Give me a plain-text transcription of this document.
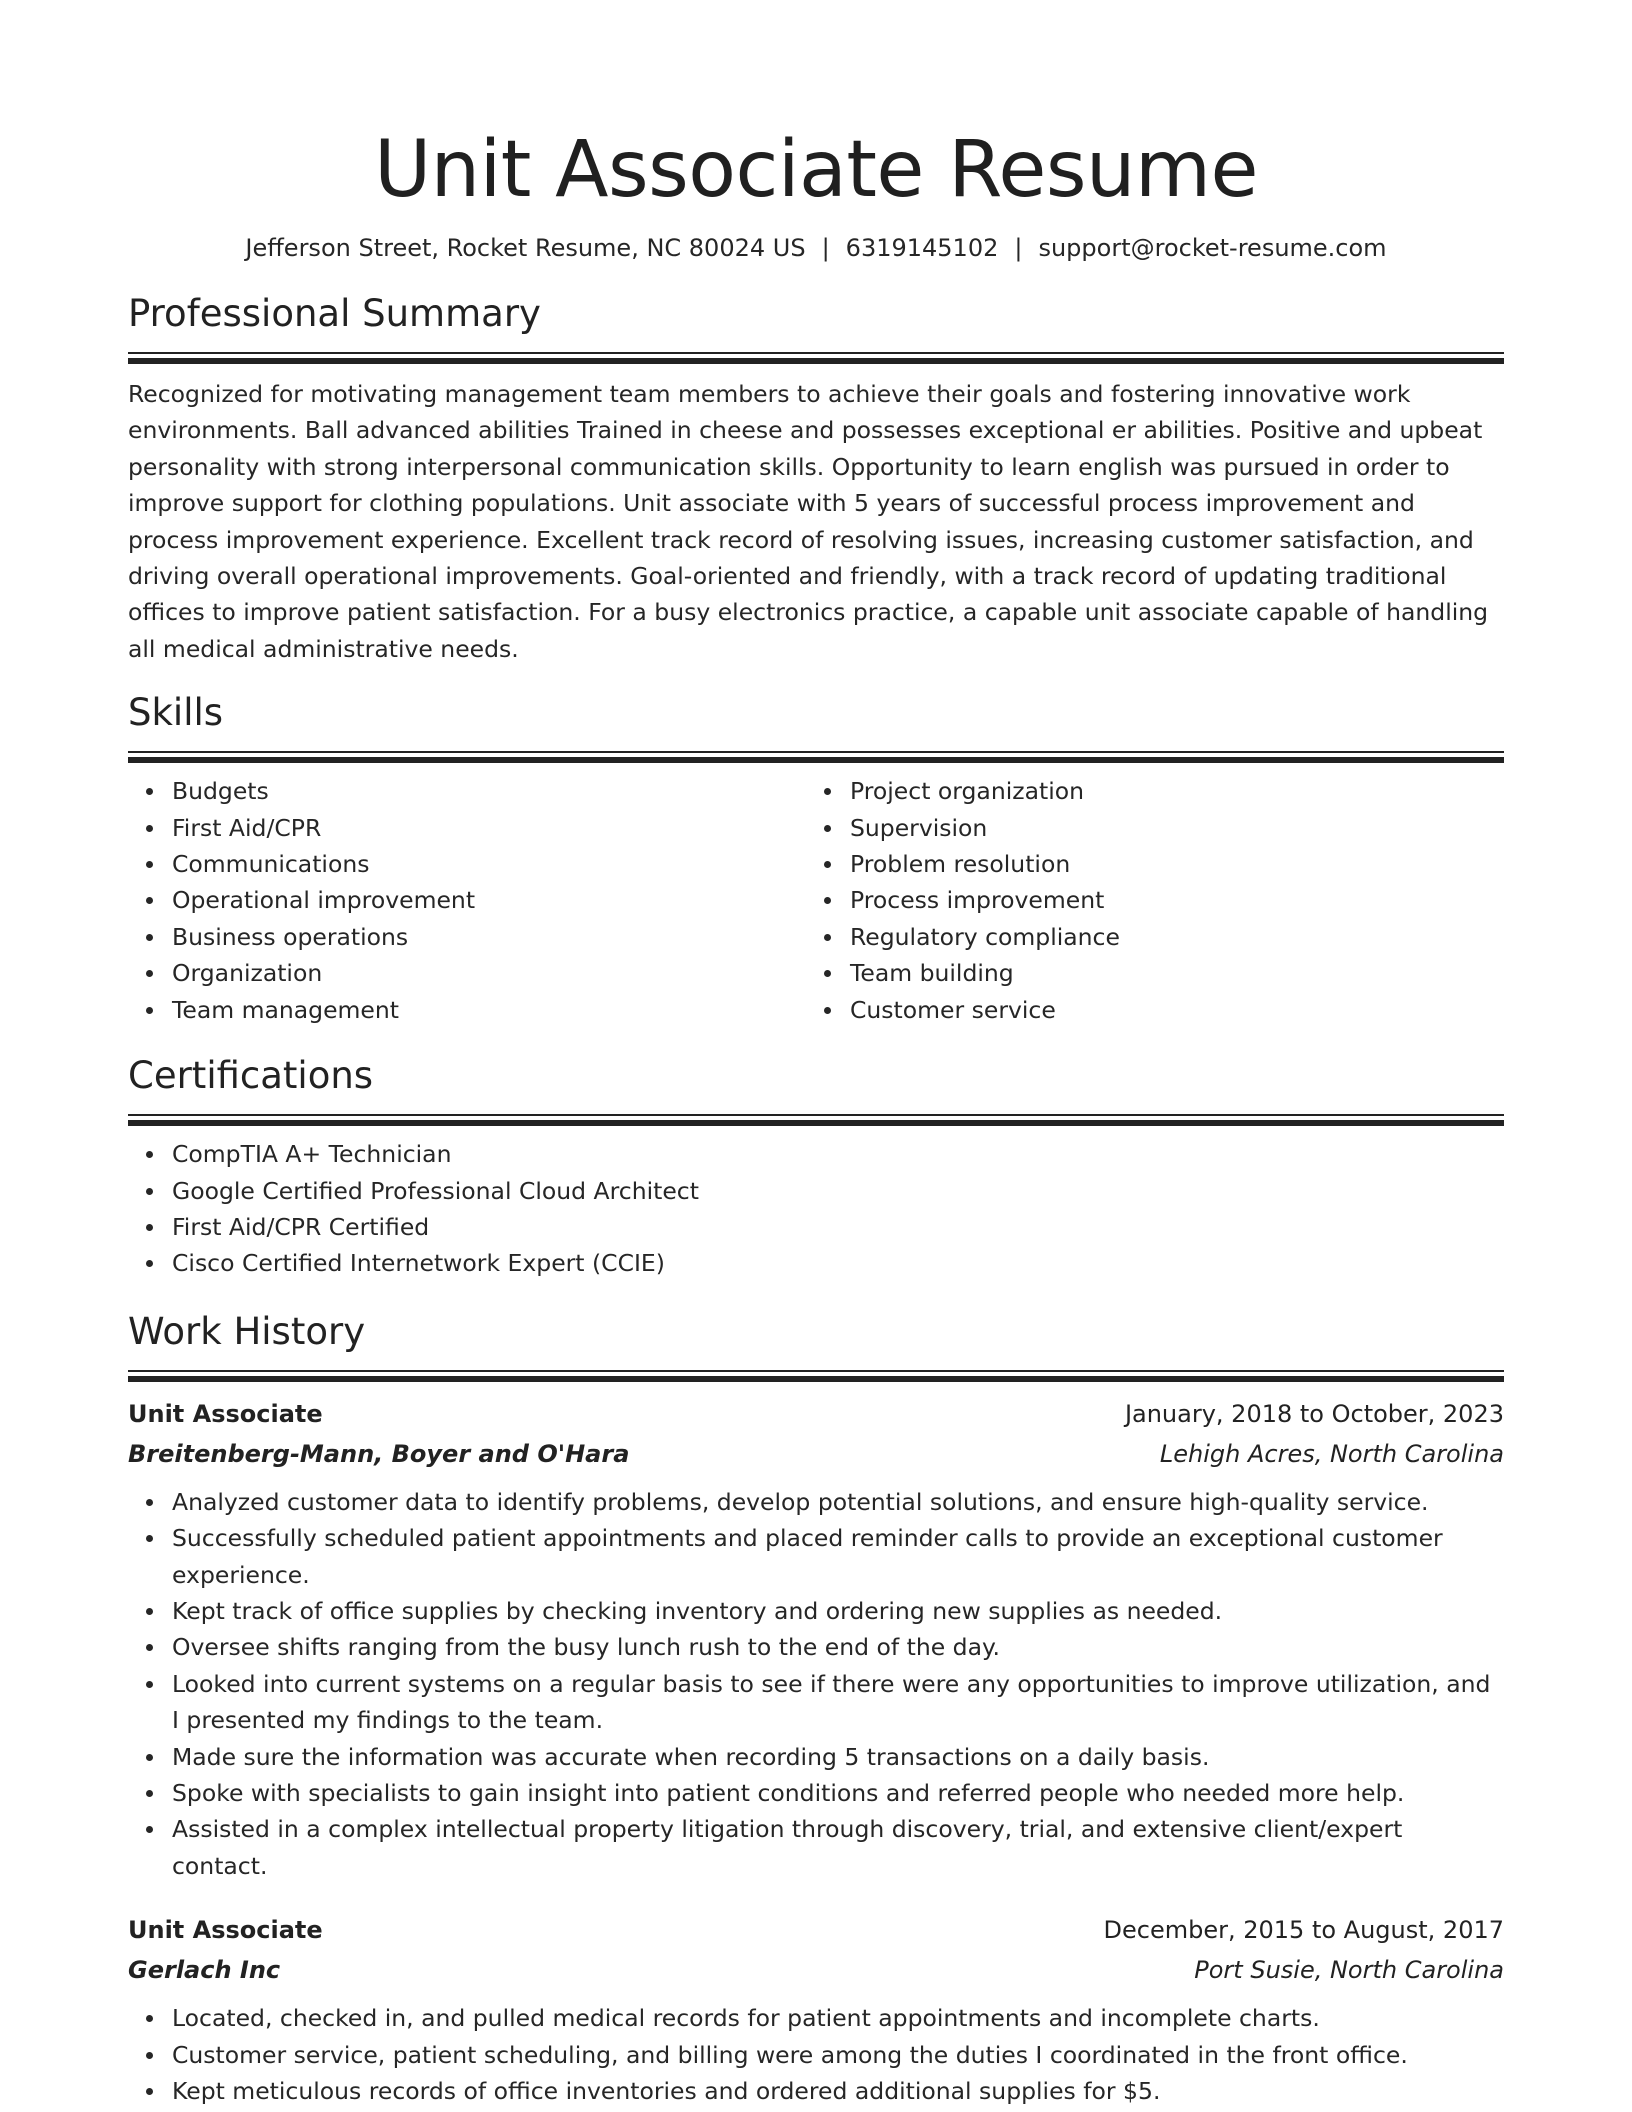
Unit Associate Resume
Jefferson Street, Rocket Resume, NC 80024 US | 6319145102 | support@rocket-resume.com
Professional Summary

Recognized for motivating management team members to achieve their goals and fostering innovative work environments. Ball advanced abilities Trained in cheese and possesses exceptional er abilities. Positive and upbeat personality with strong interpersonal communication skills. Opportunity to learn english was pursued in order to improve support for clothing populations. Unit associate with 5 years of successful process improvement and process improvement experience. Excellent track record of resolving issues, increasing customer satisfaction, and driving overall operational improvements. Goal-oriented and friendly, with a track record of updating traditional offices to improve patient satisfaction. For a busy electronics practice, a capable unit associate capable of handling all medical administrative needs.

Skills
Budgets
First Aid/CPR
Communications
Operational improvement
Business operations
Organization
Team management
Project organization
Supervision
Problem resolution
Process improvement
Regulatory compliance
Team building
Customer service
Certifications
CompTIA A+ Technician
Google Certified Professional Cloud Architect
First Aid/CPR Certified
Cisco Certified Internetwork Expert (CCIE)
Work History
Unit Associate	January, 2018 to October, 2023
Breitenberg-Mann, Boyer and O'Hara	Lehigh Acres, North Carolina
Analyzed customer data to identify problems, develop potential solutions, and ensure high-quality service.
Successfully scheduled patient appointments and placed reminder calls to provide an exceptional customer experience.
Kept track of office supplies by checking inventory and ordering new supplies as needed.
Oversee shifts ranging from the busy lunch rush to the end of the day.
Looked into current systems on a regular basis to see if there were any opportunities to improve utilization, and I presented my findings to the team.
Made sure the information was accurate when recording 5 transactions on a daily basis.
Spoke with specialists to gain insight into patient conditions and referred people who needed more help.
Assisted in a complex intellectual property litigation through discovery, trial, and extensive client/expert contact.
Unit Associate	December, 2015 to August, 2017
Gerlach Inc	Port Susie, North Carolina
Located, checked in, and pulled medical records for patient appointments and incomplete charts.
Customer service, patient scheduling, and billing were among the duties I coordinated in the front office.
Kept meticulous records of office inventories and ordered additional supplies for $5.
